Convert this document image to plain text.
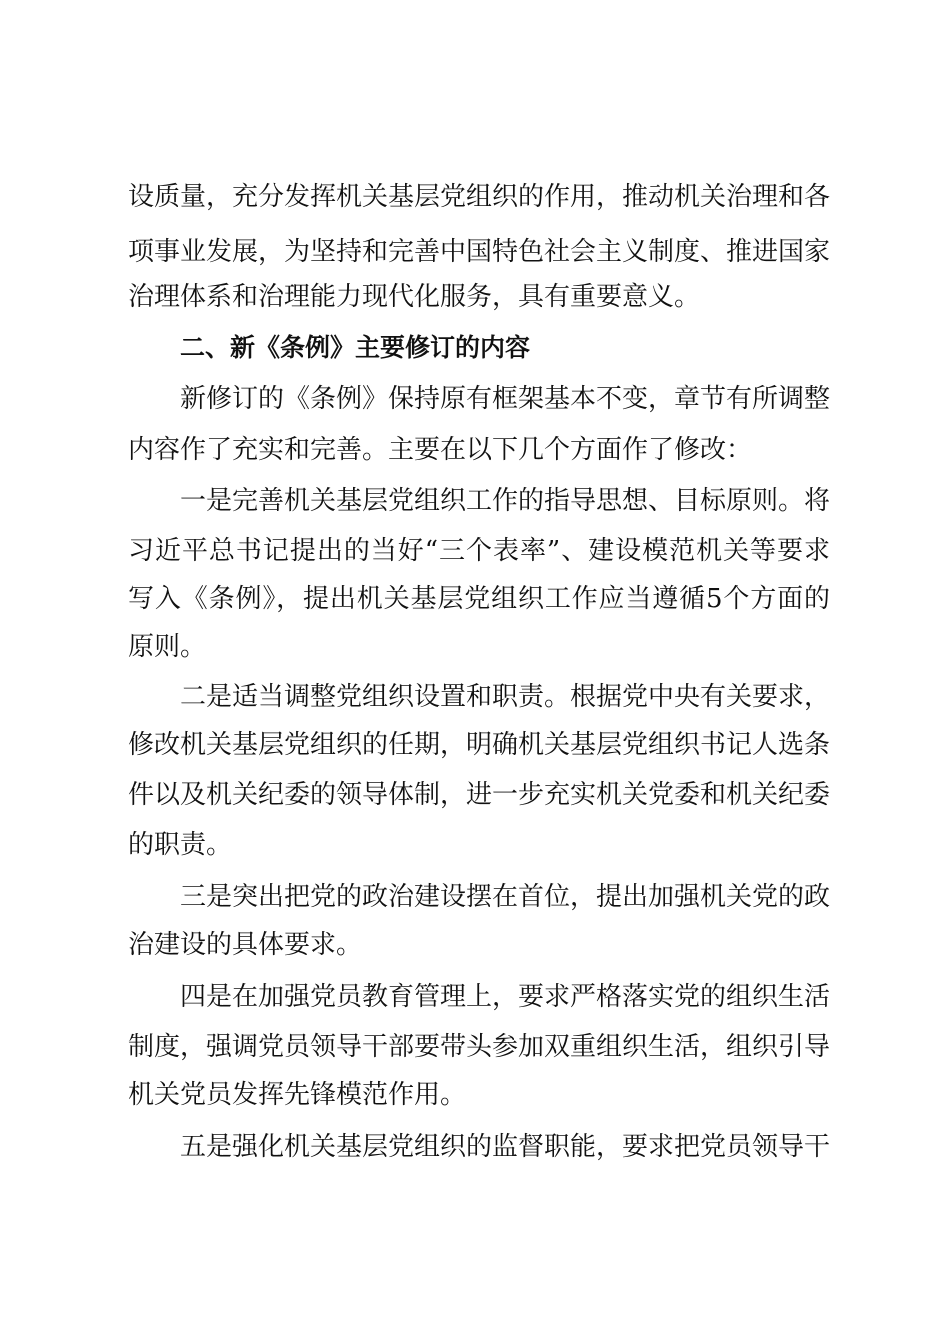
设质量，充分发挥机关基层党组织的作用，推动机关治理和各
项事业发展，为坚持和完善中国特色社会主义制度、推进国家
治理体系和治理能力现代化服务，具有重要意义。
二、新《条例》主要修订的内容
新修订的《条例》保持原有框架基本不变，章节有所调整
内容作了充实和完善。主要在以下几个方面作了修改：
一是完善机关基层党组织工作的指导思想、目标原则。将
习近平总书记提出的当好“三个表率”、建设模范机关等要求
写入《条例》，提出机关基层党组织工作应当遵循5个方面的
原则。
二是适当调整党组织设置和职责。根据党中央有关要求，
修改机关基层党组织的任期，明确机关基层党组织书记人选条
件以及机关纪委的领导体制，进一步充实机关党委和机关纪委
的职责。
三是突出把党的政治建设摆在首位，提出加强机关党的政
治建设的具体要求。
四是在加强党员教育管理上，要求严格落实党的组织生活
制度，强调党员领导干部要带头参加双重组织生活，组织引导
机关党员发挥先锋模范作用。
五是强化机关基层党组织的监督职能，要求把党员领导干
